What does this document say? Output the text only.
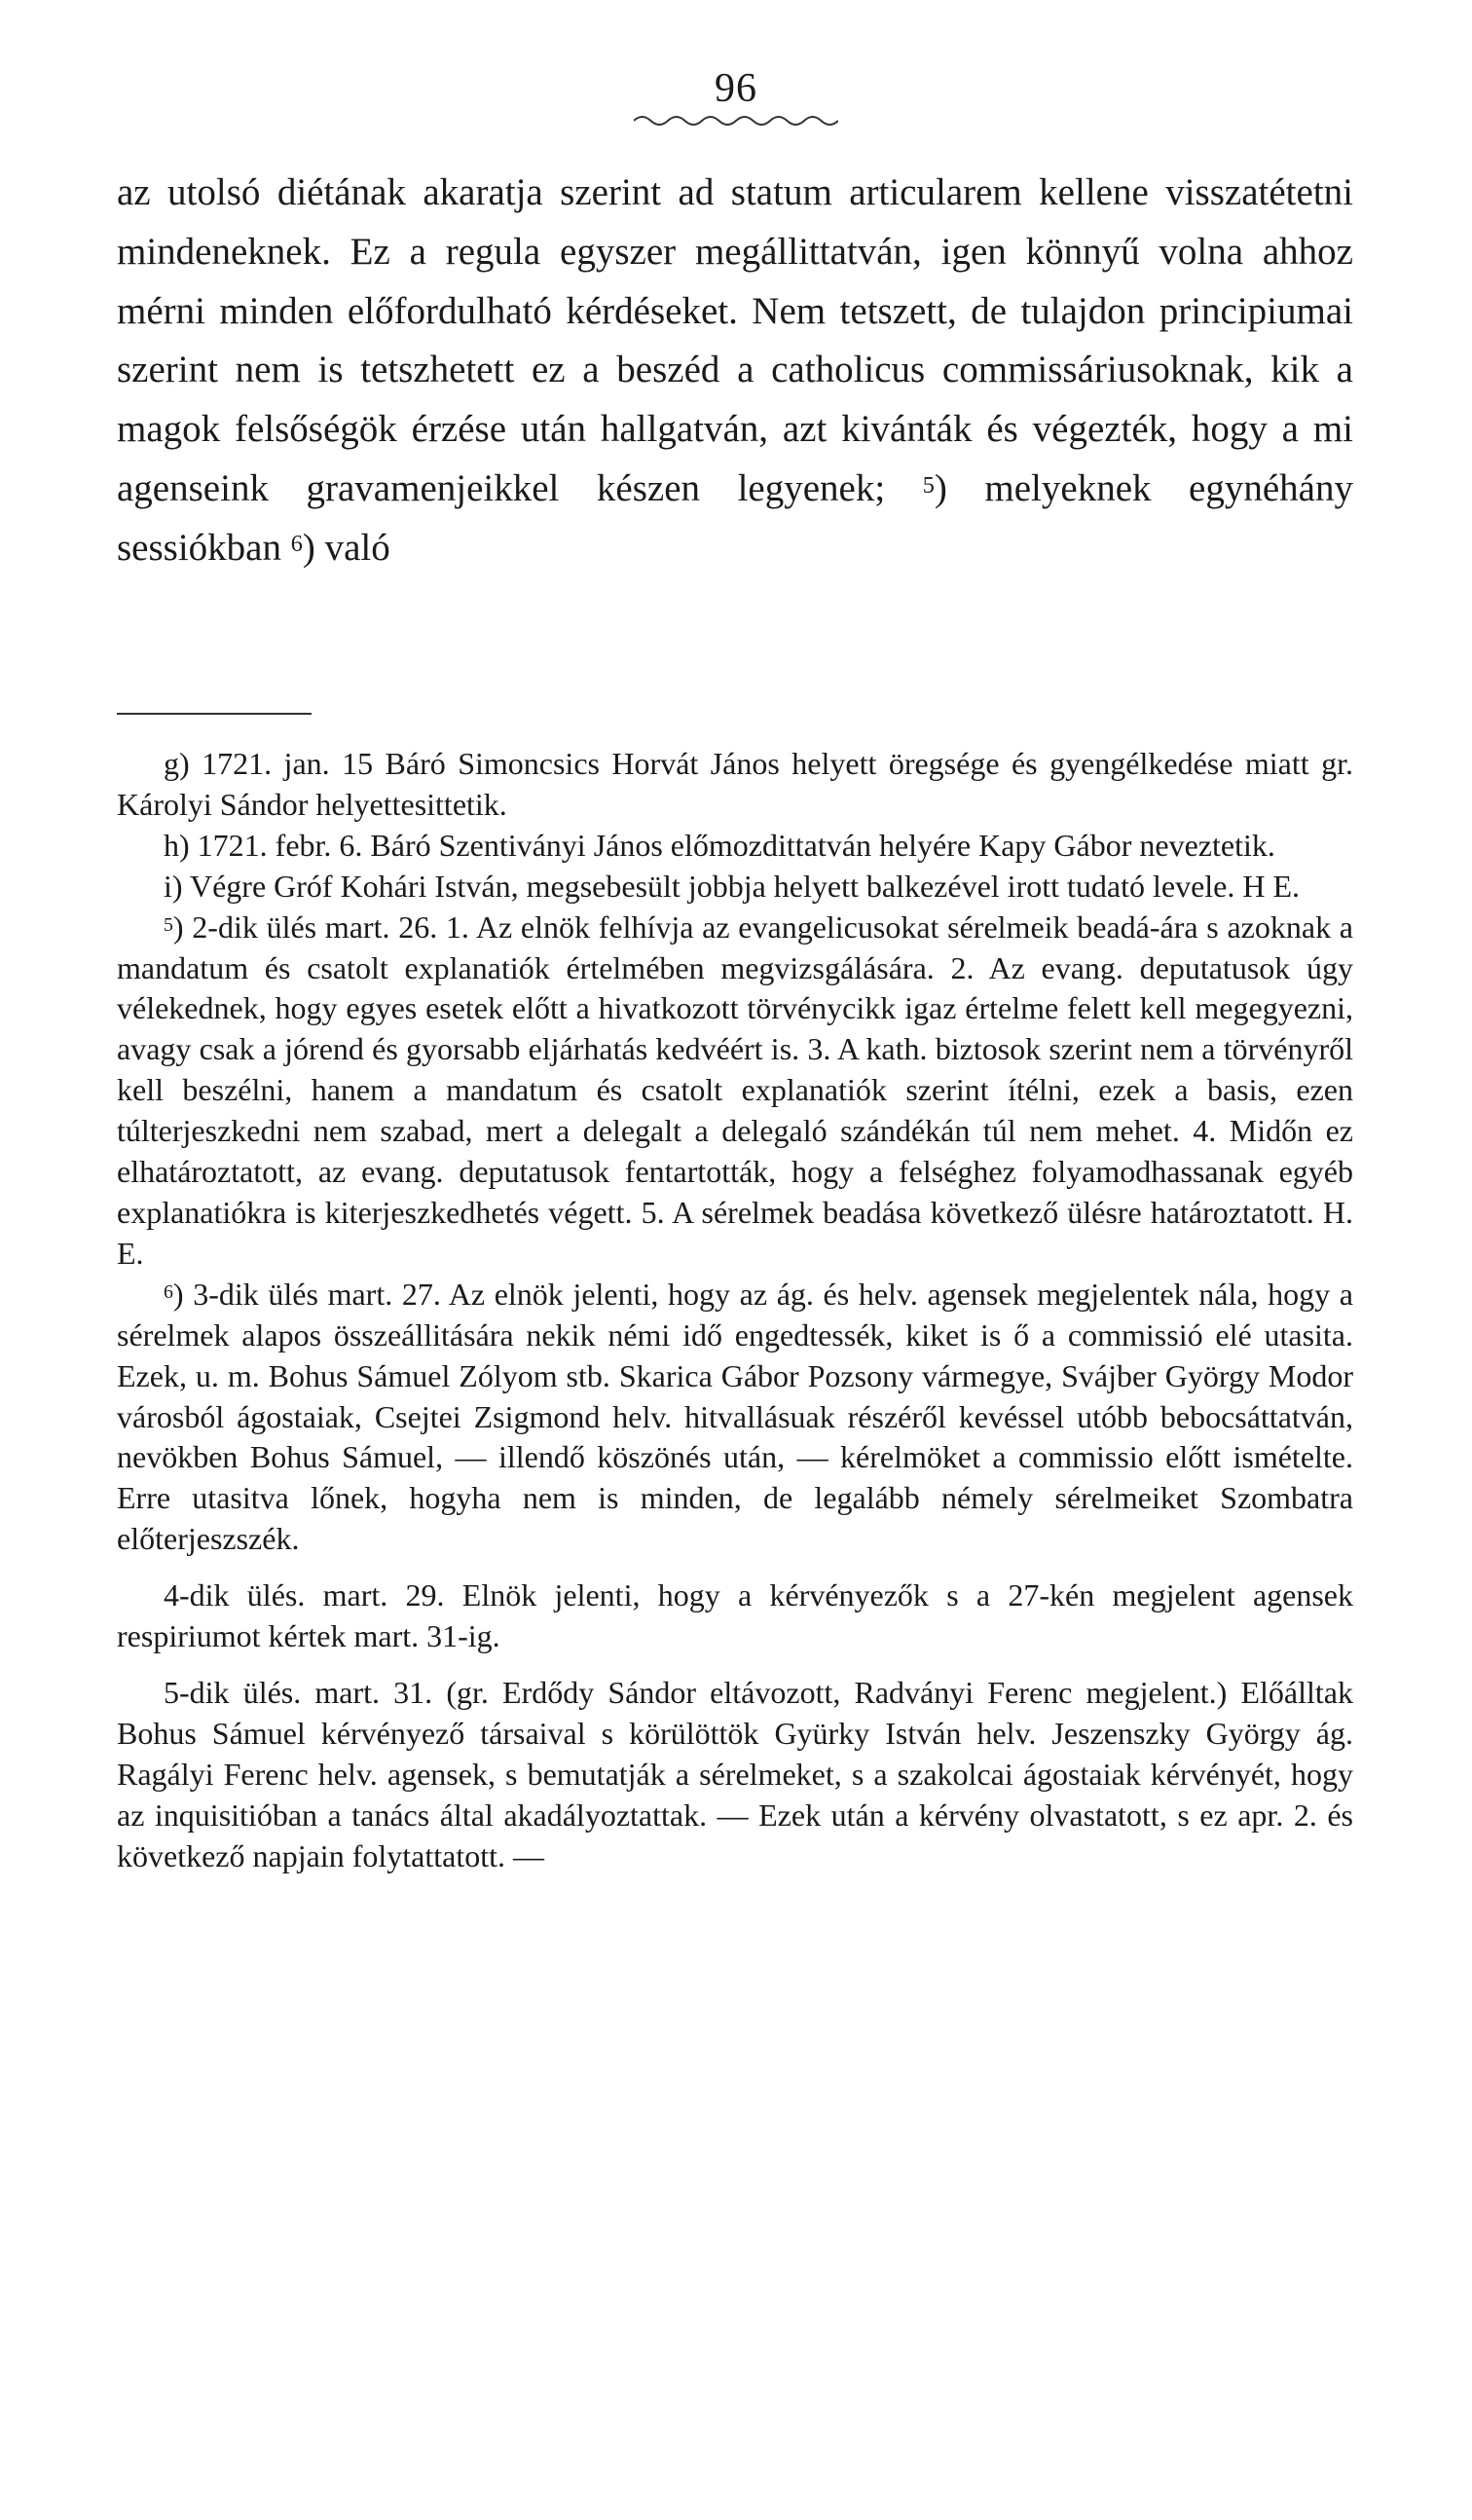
96

az utolsó diétának akaratja szerint ad statum articularem kellene visszatétetni mindeneknek. Ez a regula egyszer megállittatván, igen könnyű volna ahhoz mérni minden előfordulható kérdéseket. Nem tetszett, de tulajdon principiumai szerint nem is tetszhetett ez a beszéd a catholicus commissáriusoknak, kik a magok felsőségök érzése után hallgatván, azt kivánták és végezték, hogy a mi agenseink gravamenjeikkel készen legyenek; $^5$) melyeknek egynéhány sessiókban $^6$) való

g) 1721. jan. 15 Báró Simoncsics Horvát János helyett öregsége és gyengélkedése miatt gr. Károlyi Sándor helyettesittetik.

h) 1721. febr. 6. Báró Szentiványi János előmozdittatván helyére Kapy Gábor neveztetik.

i) Végre Gróf Kohári István, megsebesült jobbja helyett balkezével irott tudató levele. H E.

$^5$) 2-dik ülés mart. 26. 1. Az elnök felhívja az evangelicusokat sérelmeik beadá-ára s azoknak a mandatum és csatolt explanatiók értelmében megvizsgálására. 2. Az evang. deputatusok úgy vélekednek, hogy egyes esetek előtt a hivatkozott törvénycikk igaz értelme felett kell megegyezni, avagy csak a jórend és gyorsabb eljárhatás kedvéért is. 3. A kath. biztosok szerint nem a törvényről kell beszélni, hanem a mandatum és csatolt explanatiók szerint ítélni, ezek a basis, ezen túlterjeszkedni nem szabad, mert a delegalt a delegaló szándékán túl nem mehet. 4. Midőn ez elhatároztatott, az evang. deputatusok fentartották, hogy a felséghez folyamodhassanak egyéb explanatiókra is kiterjeszkedhetés végett. 5. A sérelmek beadása következő ülésre határoztatott. H. E.

$^6$) 3-dik ülés mart. 27. Az elnök jelenti, hogy az ág. és helv. agensek megjelentek nála, hogy a sérelmek alapos összeállitására nekik némi idő engedtessék, kiket is ő a commissió elé utasita. Ezek, u. m. Bohus Sámuel Zólyom stb. Skarica Gábor Pozsony vármegye, Svájber György Modor városból ágostaiak, Csejtei Zsigmond helv. hitvallásuak részéről kevéssel utóbb bebocsáttatván, nevökben Bohus Sámuel, — illendő köszönés után, — kérelmöket a commissio előtt ismételte. Erre utasitva lőnek, hogyha nem is minden, de legalább némely sérelmeiket Szombatra előterjeszszék.

4-dik ülés. mart. 29. Elnök jelenti, hogy a kérvényezők s a 27-kén megjelent agensek respiriumot kértek mart. 31-ig.

5-dik ülés. mart. 31. (gr. Erdődy Sándor eltávozott, Radványi Ferenc megjelent.) Előálltak Bohus Sámuel kérvényező társaival s körülöttök Gyürky István helv. Jeszenszky György ág. Ragályi Ferenc helv. agensek, s bemutatják a sérelmeket, s a szakolcai ágostaiak kérvényét, hogy az inquisitióban a tanács által akadályoztattak. — Ezek után a kérvény olvastatott, s ez apr. 2. és következő napjain folytattatott. —
